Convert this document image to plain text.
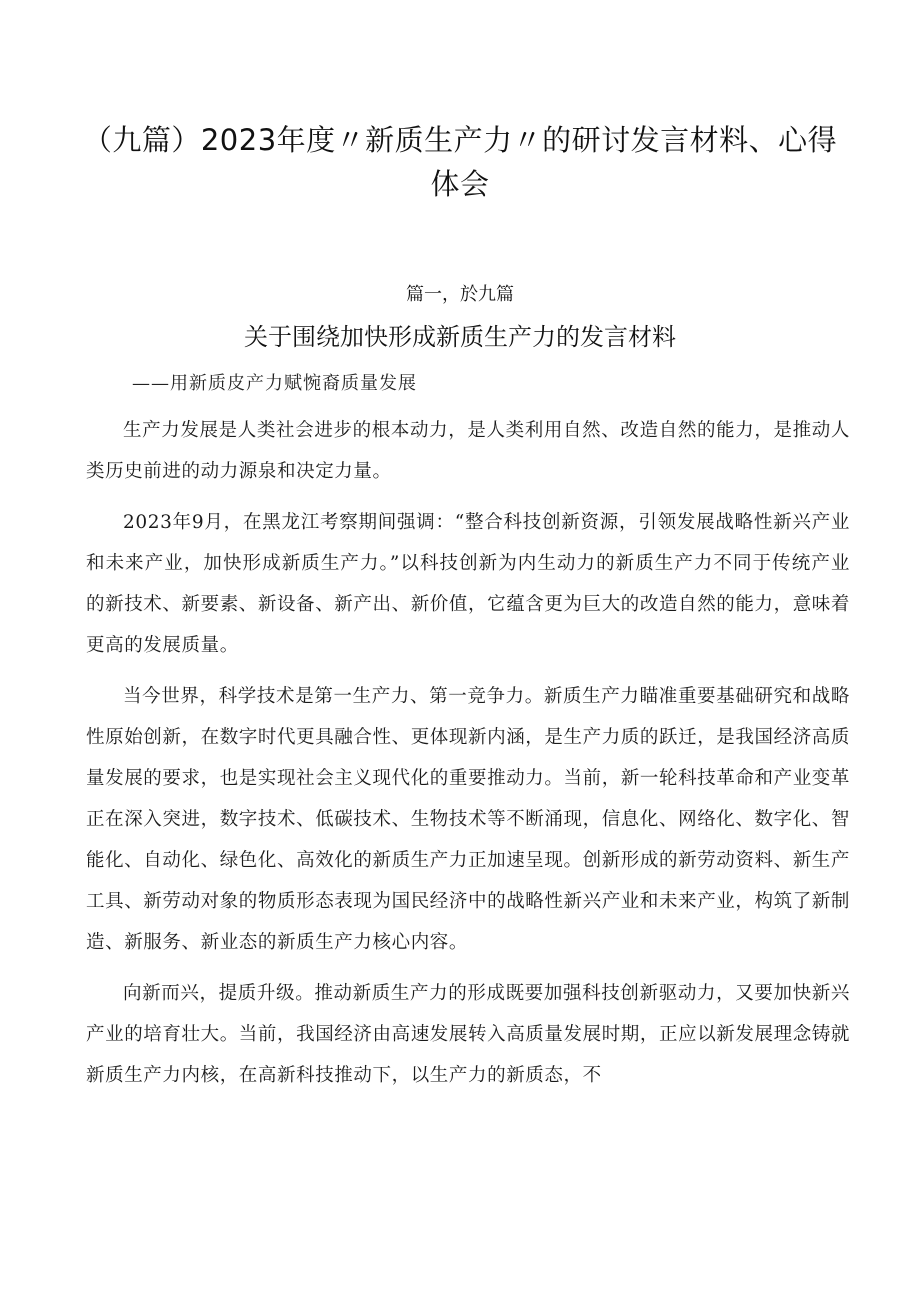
（九篇）2023年度〃新质生产力〃的研讨发言材料、心得体会
篇一，於九篇
关于围绕加快形成新质生产力的发言材料
——用新质皮产力赋惋裔质量发展

生产力发展是人类社会进步的根本动力，是人类利用自然、改造自然的能力，是推动人类历史前进的动力源泉和决定力量。

2023年9月，在黑龙江考察期间强调：“整合科技创新资源，引领发展战略性新兴产业和未来产业，加快形成新质生产力。”以科技创新为内生动力的新质生产力不同于传统产业的新技术、新要素、新设备、新产出、新价值，它蕴含更为巨大的改造自然的能力，意味着更高的发展质量。

当今世界，科学技术是第一生产力、第一竞争力。新质生产力瞄准重要基础研究和战略性原始创新，在数字时代更具融合性、更体现新内涵，是生产力质的跃迁，是我国经济高质量发展的要求，也是实现社会主义现代化的重要推动力。当前，新一轮科技革命和产业变革正在深入突进，数字技术、低碳技术、生物技术等不断涌现，信息化、网络化、数字化、智能化、自动化、绿色化、高效化的新质生产力正加速呈现。创新形成的新劳动资料、新生产工具、新劳动对象的物质形态表现为国民经济中的战略性新兴产业和未来产业，构筑了新制造、新服务、新业态的新质生产力核心内容。

向新而兴，提质升级。推动新质生产力的形成既要加强科技创新驱动力，又要加快新兴产业的培育壮大。当前，我国经济由高速发展转入高质量发展时期，正应以新发展理念铸就新质生产力内核，在高新科技推动下，以生产力的新质态，不
